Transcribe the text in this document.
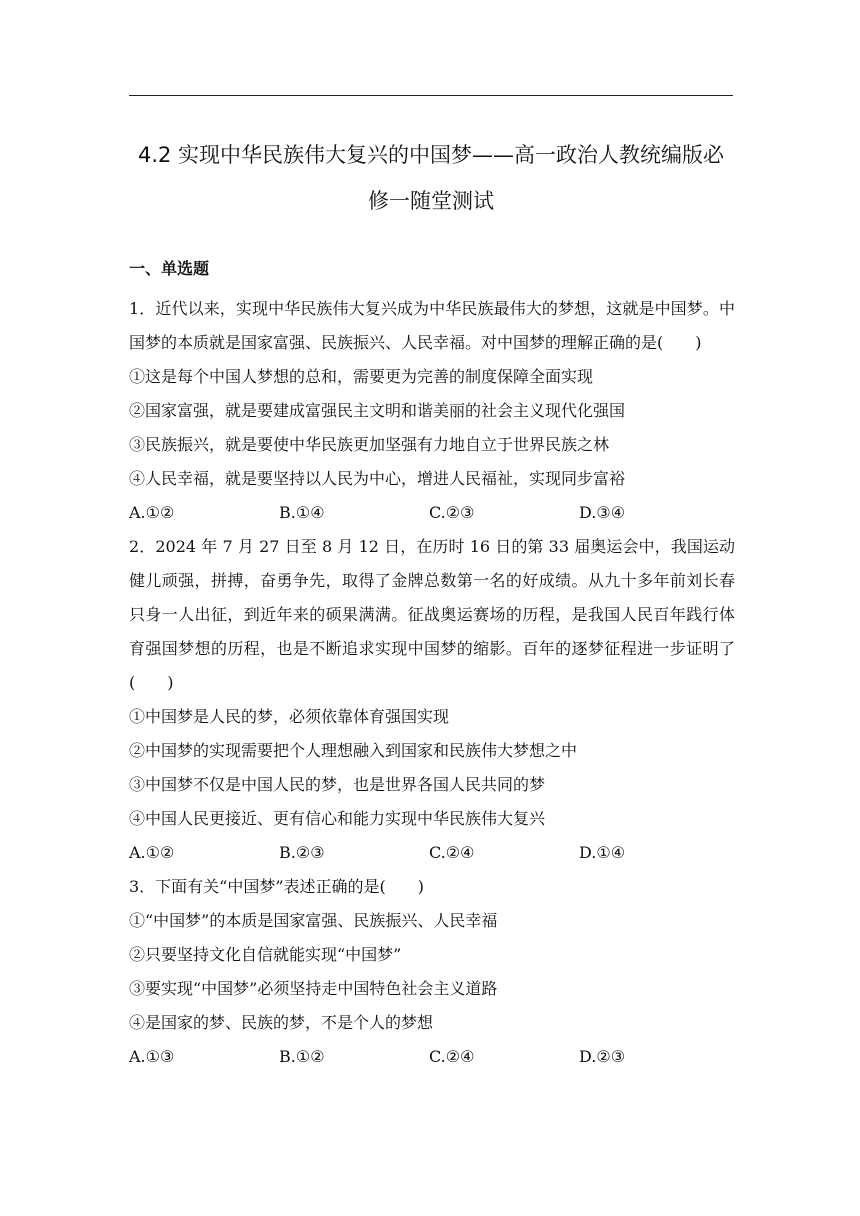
4.2 实现中华民族伟大复兴的中国梦——高一政治人教统编版必修一随堂测试
一、单选题

1．近代以来，实现中华民族伟大复兴成为中华民族最伟大的梦想，这就是中国梦。中国梦的本质就是国家富强、民族振兴、人民幸福。对中国梦的理解正确的是(　　)

①这是每个中国人梦想的总和，需要更为完善的制度保障全面实现

②国家富强，就是要建成富强民主文明和谐美丽的社会主义现代化强国

③民族振兴，就是要使中华民族更加坚强有力地自立于世界民族之林

④人民幸福，就是要坚持以人民为中心，增进人民福祉，实现同步富裕

A.①②	B.①④	C.②③	D.③④

2．2024 年 7 月 27 日至 8 月 12 日，在历时 16 日的第 33 届奥运会中，我国运动健儿顽强，拼搏，奋勇争先，取得了金牌总数第一名的好成绩。从九十多年前刘长春只身一人出征，到近年来的硕果满满。征战奥运赛场的历程，是我国人民百年践行体育强国梦想的历程，也是不断追求实现中国梦的缩影。百年的逐梦征程进一步证明了(　　)

①中国梦是人民的梦，必须依靠体育强国实现

②中国梦的实现需要把个人理想融入到国家和民族伟大梦想之中

③中国梦不仅是中国人民的梦，也是世界各国人民共同的梦

④中国人民更接近、更有信心和能力实现中华民族伟大复兴

A.①②	B.②③	C.②④	D.①④

3．下面有关“中国梦”表述正确的是(　　)

①“中国梦”的本质是国家富强、民族振兴、人民幸福

②只要坚持文化自信就能实现“中国梦”

③要实现“中国梦”必须坚持走中国特色社会主义道路

④是国家的梦、民族的梦，不是个人的梦想

A.①③	B.①②	C.②④	D.②③
